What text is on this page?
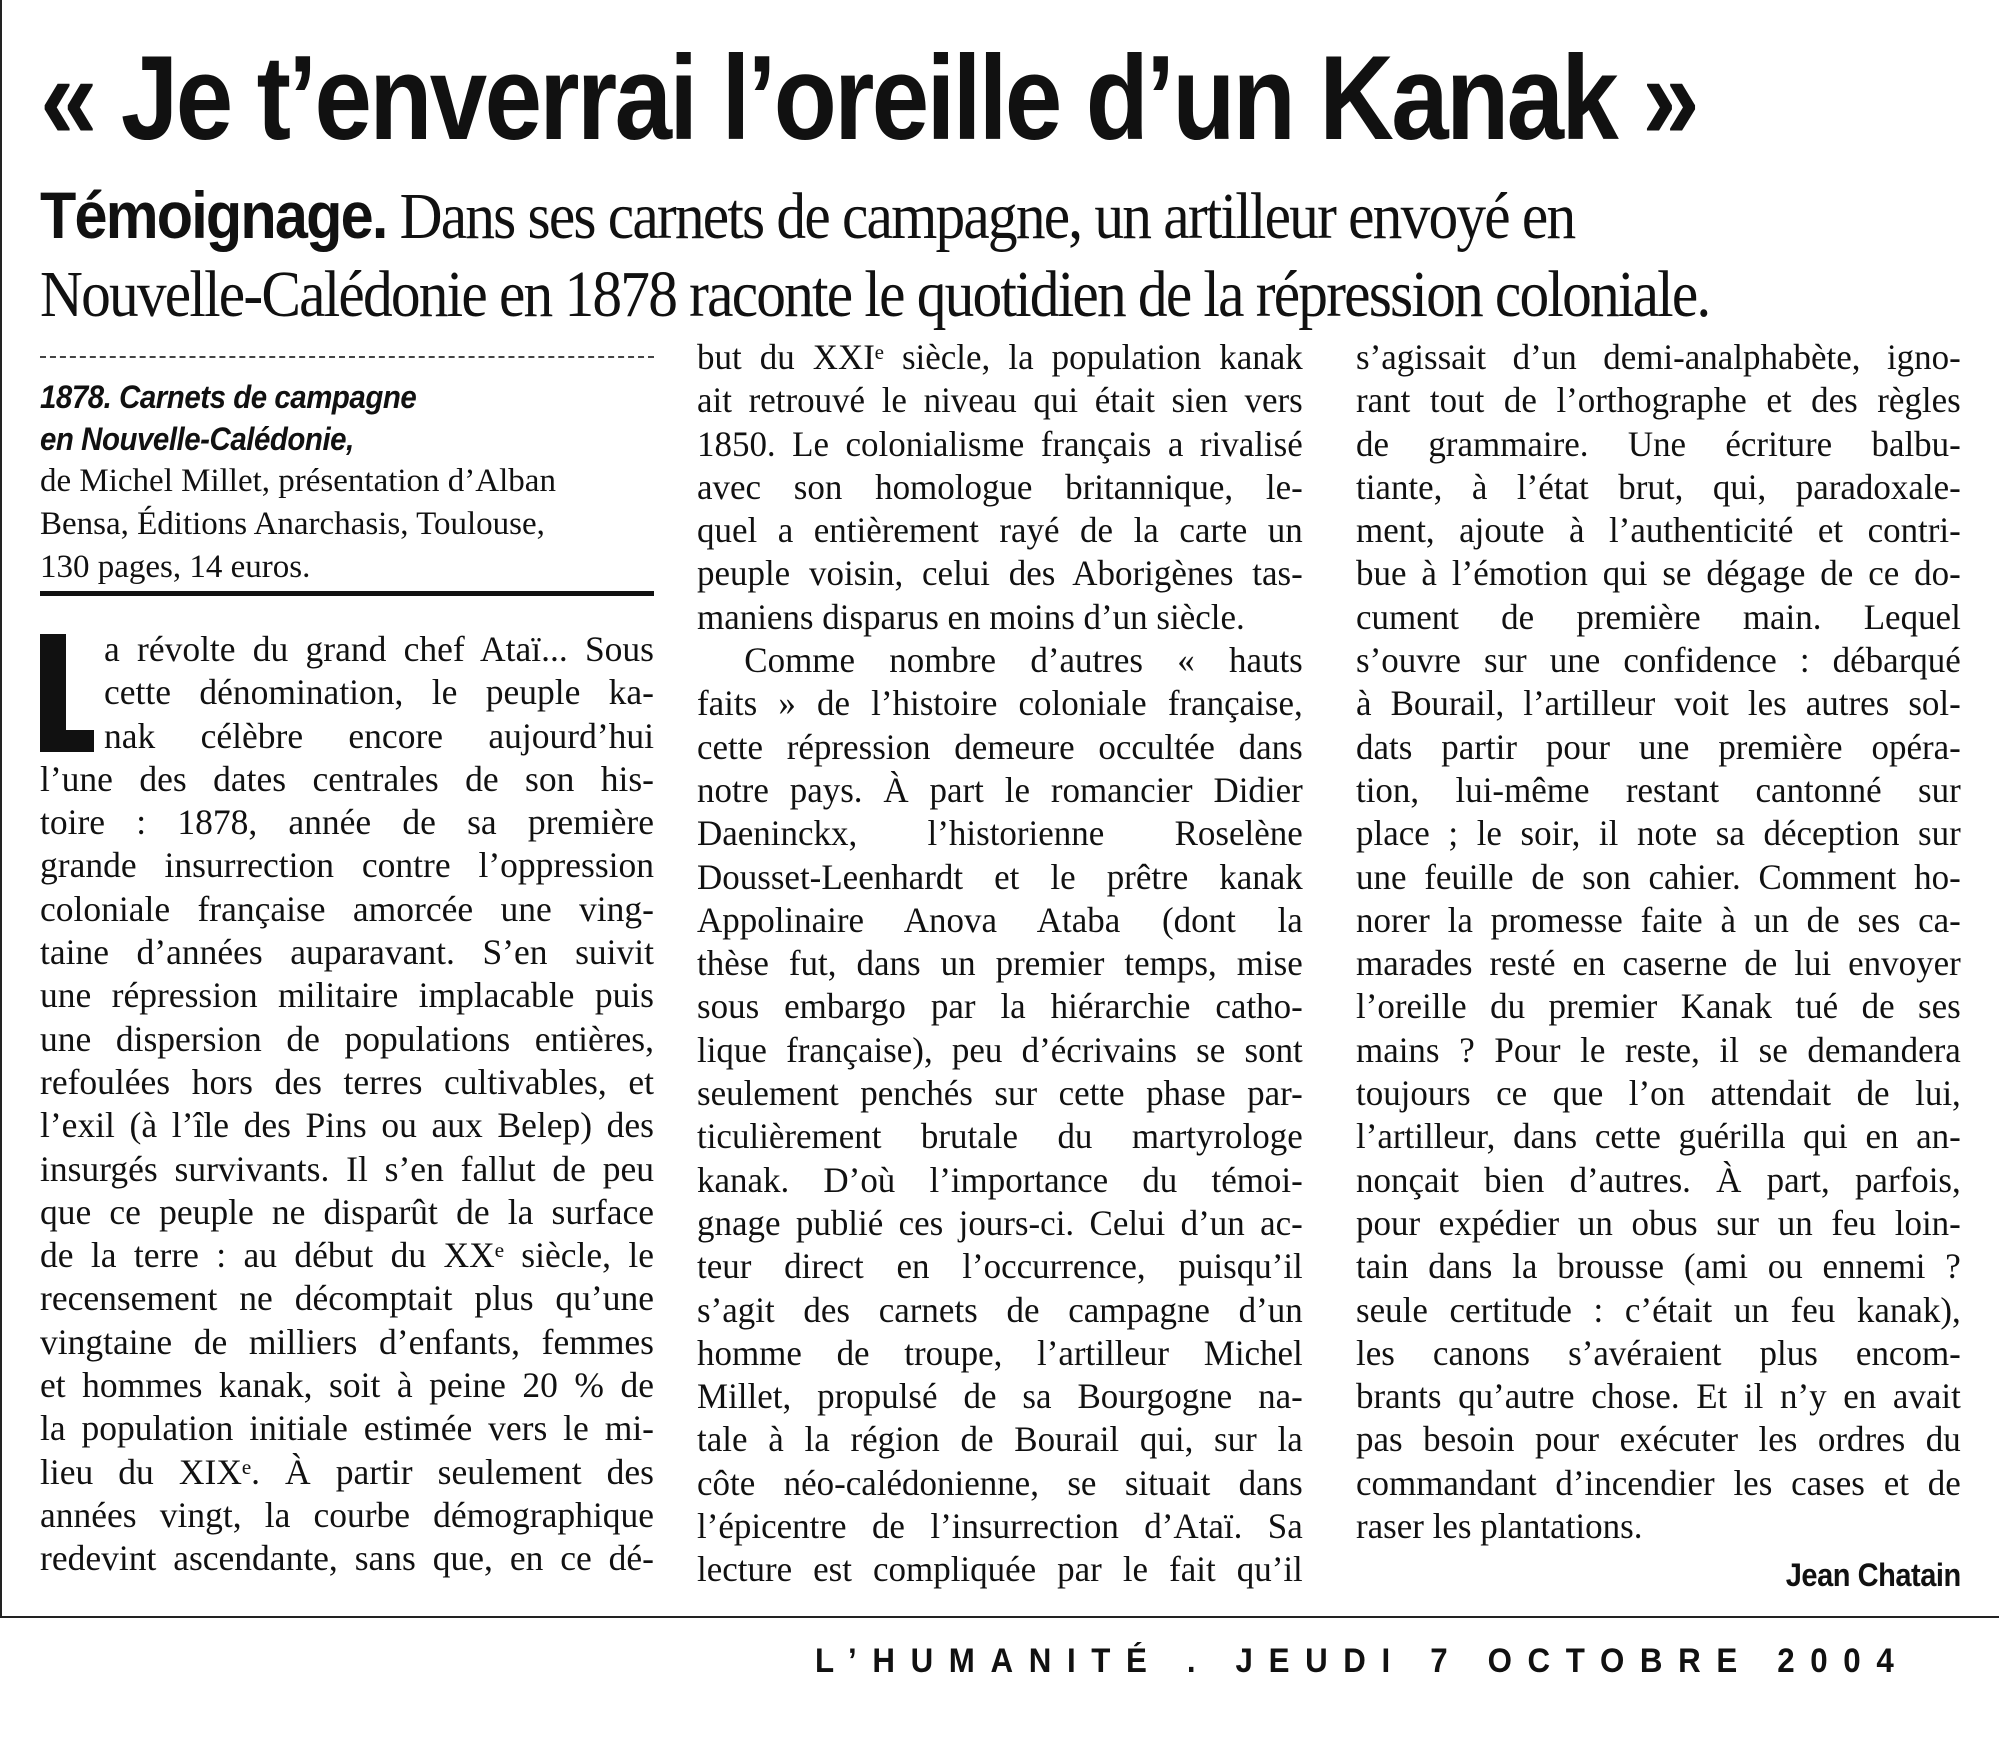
« Je t’enverrai l’oreille d’un Kanak »
Témoignage. Dans ses carnets de campagne, un artilleur envoyé en
Nouvelle-Calédonie en 1878 raconte le quotidien de la répression coloniale.
1878. Carnets de campagne
en Nouvelle-Calédonie,
de Michel Millet, présentation d’Alban
Bensa, Éditions Anarchasis, Toulouse,
130 pages, 14 euros.
a révolte du grand chef Ataï... Sous
cette dénomination, le peuple ka-
nak célèbre encore aujourd’hui
l’une des dates centrales de son his-
toire : 1878, année de sa première
grande insurrection contre l’oppression
coloniale française amorcée une ving-
taine d’années auparavant. S’en suivit
une répression militaire implacable puis
une dispersion de populations entières,
refoulées hors des terres cultivables, et
l’exil (à l’île des Pins ou aux Belep) des
insurgés survivants. Il s’en fallut de peu
que ce peuple ne disparût de la surface
de la terre : au début du XXᵉ siècle, le
recensement ne décomptait plus qu’une
vingtaine de milliers d’enfants, femmes
et hommes kanak, soit à peine 20 % de
la population initiale estimée vers le mi-
lieu du XIXᵉ. À partir seulement des
années vingt, la courbe démographique
redevint ascendante, sans que, en ce dé-
but du XXIᵉ siècle, la population kanak
ait retrouvé le niveau qui était sien vers
1850. Le colonialisme français a rivalisé
avec son homologue britannique, le-
quel a entièrement rayé de la carte un
peuple voisin, celui des Aborigènes tas-
maniens disparus en moins d’un siècle.
Comme nombre d’autres « hauts
faits » de l’histoire coloniale française,
cette répression demeure occultée dans
notre pays. À part le romancier Didier
Daeninckx, l’historienne Roselène
Dousset-Leenhardt et le prêtre kanak
Appolinaire Anova Ataba (dont la
thèse fut, dans un premier temps, mise
sous embargo par la hiérarchie catho-
lique française), peu d’écrivains se sont
seulement penchés sur cette phase par-
ticulièrement brutale du martyrologe
kanak. D’où l’importance du témoi-
gnage publié ces jours-ci. Celui d’un ac-
teur direct en l’occurrence, puisqu’il
s’agit des carnets de campagne d’un
homme de troupe, l’artilleur Michel
Millet, propulsé de sa Bourgogne na-
tale à la région de Bourail qui, sur la
côte néo-calédonienne, se situait dans
l’épicentre de l’insurrection d’Ataï. Sa
lecture est compliquée par le fait qu’il
s’agissait d’un demi-analphabète, igno-
rant tout de l’orthographe et des règles
de grammaire. Une écriture balbu-
tiante, à l’état brut, qui, paradoxale-
ment, ajoute à l’authenticité et contri-
bue à l’émotion qui se dégage de ce do-
cument de première main. Lequel
s’ouvre sur une confidence : débarqué
à Bourail, l’artilleur voit les autres sol-
dats partir pour une première opéra-
tion, lui-même restant cantonné sur
place ; le soir, il note sa déception sur
une feuille de son cahier. Comment ho-
norer la promesse faite à un de ses ca-
marades resté en caserne de lui envoyer
l’oreille du premier Kanak tué de ses
mains ? Pour le reste, il se demandera
toujours ce que l’on attendait de lui,
l’artilleur, dans cette guérilla qui en an-
nonçait bien d’autres. À part, parfois,
pour expédier un obus sur un feu loin-
tain dans la brousse (ami ou ennemi ?
seule certitude : c’était un feu kanak),
les canons s’avéraient plus encom-
brants qu’autre chose. Et il n’y en avait
pas besoin pour exécuter les ordres du
commandant d’incendier les cases et de
raser les plantations.
Jean Chatain
L’HUMANITÉ . JEUDI 7 OCTOBRE 2004
